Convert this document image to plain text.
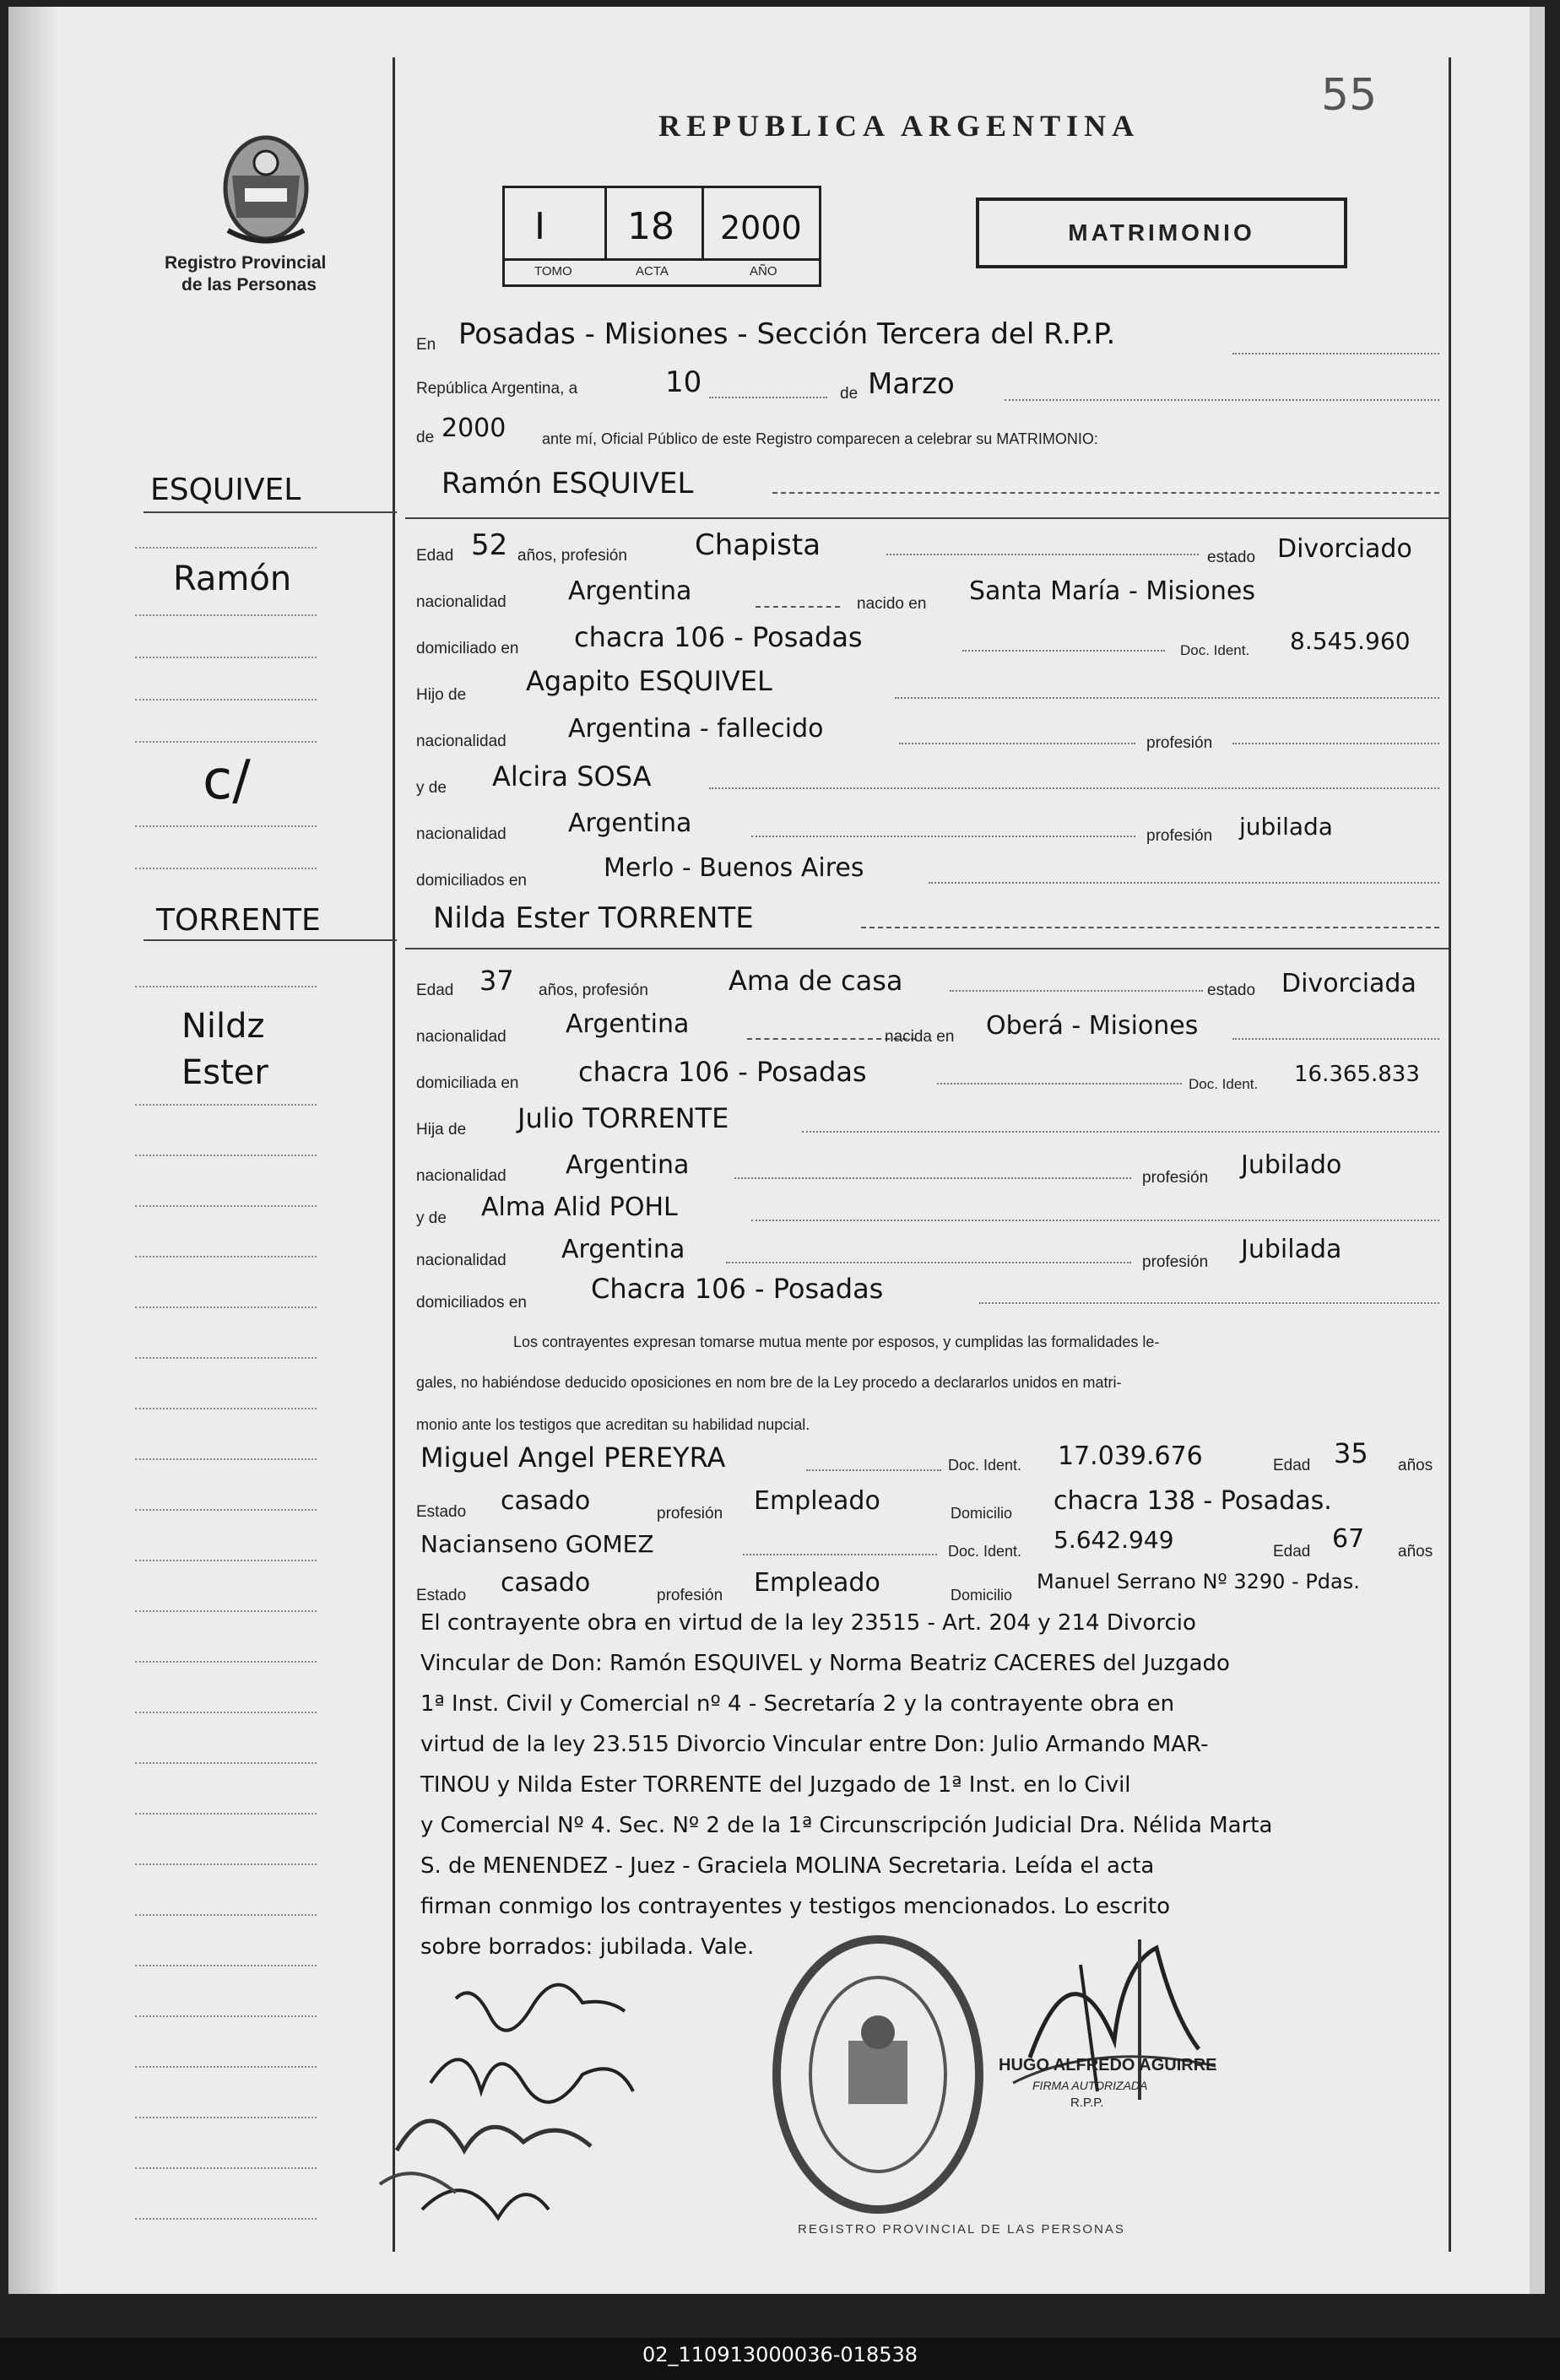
Registro Provincial
de las Personas
REPUBLICA ARGENTINA
55
I 18 2000
TOMO	ACTA	AÑO
MATRIMONIO
ESQUIVEL
Ramón
c/
TORRENTE
Nildz
Ester
En Posadas - Misiones - Sección Tercera del R.P.P.
República Argentina, a	10	de Marzo
de 2000 ante mí, Oficial Público de este Registro comparecen a celebrar su MATRIMONIO:
Ramón ESQUIVEL
Edad 52 años, profesión Chapista	estado Divorciado
nacionalidad Argentina	nacido en Santa María - Misiones
domiciliado en chacra 106 - Posadas	Doc. Ident. 8.545.960
Hijo de Agapito ESQUIVEL
nacionalidad Argentina - fallecido	profesión
y de Alcira SOSA
nacionalidad Argentina	profesión jubilada
domiciliados en	Merlo - Buenos Aires
Nilda Ester TORRENTE
Edad 37 años, profesión	Ama de casa	estado Divorciada
nacionalidad Argentina	nacida en Oberá - Misiones
domiciliada en chacra 106 - Posadas	Doc. Ident. 16.365.833
Hija de Julio TORRENTE
nacionalidad Argentina	profesión Jubilado
y de Alma Alid POHL
nacionalidad Argentina	profesión Jubilada
domiciliados en Chacra 106 - Posadas
Los contrayentes expresan tomarse mutua mente por esposos, y cumplidas las formalidades le-
gales, no habiéndose deducido oposiciones en nom bre de la Ley procedo a declararlos unidos en matri-
monio ante los testigos que acreditan su habilidad nupcial.
Miguel Angel PEREYRA	Doc. Ident. 17.039.676	Edad 35 años
Estado casado	profesión Empleado	Domicilio chacra 138 - Posadas.
Nacianseno GOMEZ	Doc. Ident. 5.642.949	Edad 67 años
Estado casado	profesión Empleado	Domicilio
Manuel Serrano Nº 3290 - Pdas.
El contrayente obra en virtud de la ley 23515 - Art. 204 y 214 Divorcio
Vincular de Don: Ramón ESQUIVEL y Norma Beatriz CACERES del Juzgado
1ª Inst. Civil y Comercial nº 4 - Secretaría 2 y la contrayente obra en
virtud de la ley 23.515 Divorcio Vincular entre Don: Julio Armando MAR-
TINOU y Nilda Ester TORRENTE del Juzgado de 1ª Inst. en lo Civil
y Comercial Nº 4. Sec. Nº 2 de la 1ª Circunscripción Judicial Dra. Nélida Marta
S. de MENENDEZ - Juez - Graciela MOLINA Secretaria. Leída el acta
firman conmigo los contrayentes y testigos mencionados. Lo escrito
sobre borrados: jubilada. Vale.
REGISTRO PROVINCIAL DE LAS PERSONAS
HUGO ALFREDO AGUIRRE
FIRMA AUTORIZADA
R.P.P.
02_110913000036-018538
